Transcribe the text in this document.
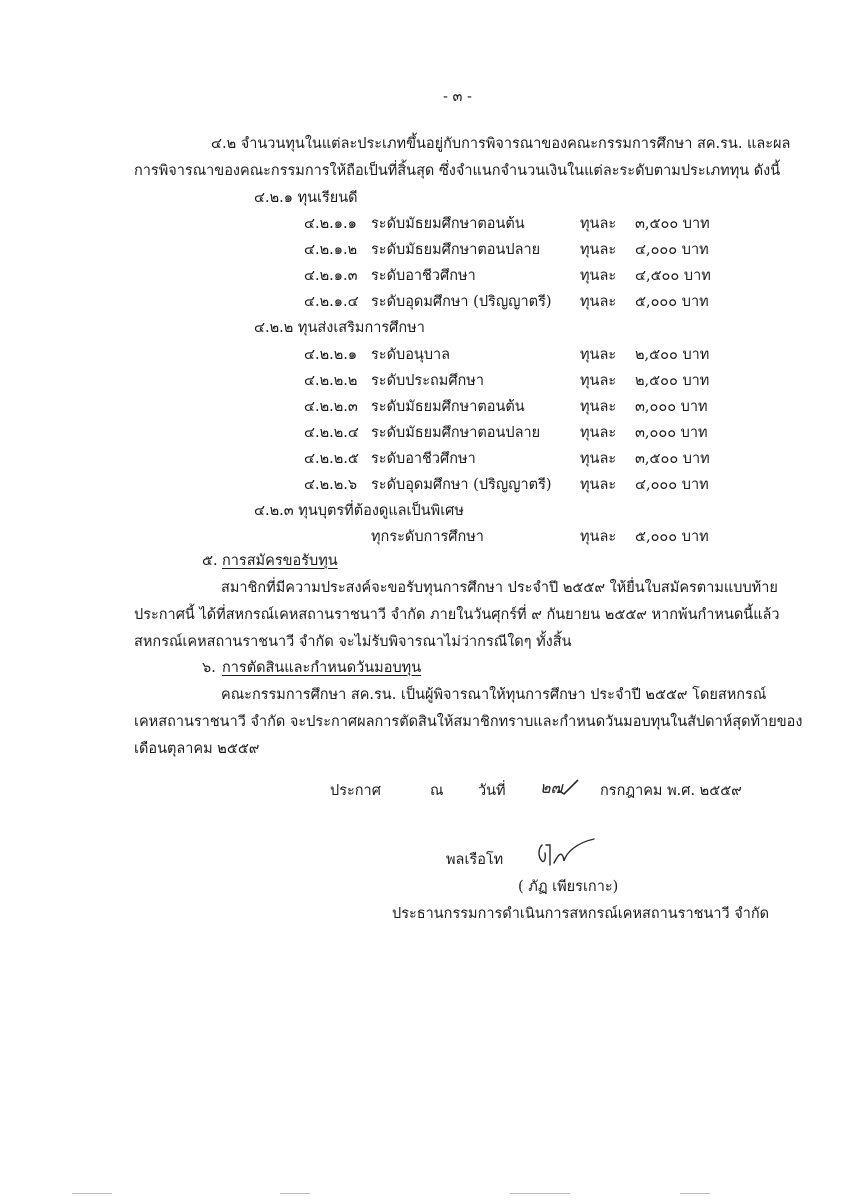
- ๓ -
๔.๒ จำนวนทุนในแต่ละประเภทขึ้นอยู่กับการพิจารณาของคณะกรรมการศึกษา สค.รน. และผล
การพิจารณาของคณะกรรมการให้ถือเป็นที่สิ้นสุด ซึ่งจำแนกจำนวนเงินในแต่ละระดับตามประเภททุน ดังนี้
๔.๒.๑ ทุนเรียนดี
๔.๒.๑.๑ ระดับมัธยมศึกษาตอนต้น	ทุนละ ๓,๕๐๐ บาท
๔.๒.๑.๒ ระดับมัธยมศึกษาตอนปลาย	ทุนละ ๔,๐๐๐ บาท
๔.๒.๑.๓ ระดับอาชีวศึกษา	ทุนละ ๔,๕๐๐ บาท
๔.๒.๑.๔ ระดับอุดมศึกษา (ปริญญาตรี) ทุนละ ๕,๐๐๐ บาท
๔.๒.๒ ทุนส่งเสริมการศึกษา
๔.๒.๒.๑ ระดับอนุบาล	ทุนละ ๒,๕๐๐ บาท
๔.๒.๒.๒ ระดับประถมศึกษา	ทุนละ ๒,๕๐๐ บาท
๔.๒.๒.๓ ระดับมัธยมศึกษาตอนต้น	ทุนละ ๓,๐๐๐ บาท
๔.๒.๒.๔ ระดับมัธยมศึกษาตอนปลาย	ทุนละ ๓,๐๐๐ บาท
๔.๒.๒.๕ ระดับอาชีวศึกษา	ทุนละ ๓,๕๐๐ บาท
๔.๒.๒.๖ ระดับอุดมศึกษา (ปริญญาตรี) ทุนละ ๔,๐๐๐ บาท
๔.๒.๓ ทุนบุตรที่ต้องดูแลเป็นพิเศษ
ทุกระดับการศึกษา	ทุนละ ๕,๐๐๐ บาท
๕. การสมัครขอรับทุน
สมาชิกที่มีความประสงค์จะขอรับทุนการศึกษา ประจำปี ๒๕๕๙ ให้ยื่นใบสมัครตามแบบท้าย
ประกาศนี้ ได้ที่สหกรณ์เคหสถานราชนาวี จำกัด ภายในวันศุกร์ที่ ๙ กันยายน ๒๕๕๙ หากพ้นกำหนดนี้แล้ว
สหกรณ์เคหสถานราชนาวี จำกัด จะไม่รับพิจารณาไม่ว่ากรณีใดๆ ทั้งสิ้น
๖. การตัดสินและกำหนดวันมอบทุน
คณะกรรมการศึกษา สค.รน. เป็นผู้พิจารณาให้ทุนการศึกษา ประจำปี ๒๕๕๙ โดยสหกรณ์
เคหสถานราชนาวี จำกัด จะประกาศผลการตัดสินให้สมาชิกทราบและกำหนดวันมอบทุนในสัปดาห์สุดท้ายของ
เดือนตุลาคม ๒๕๕๙
ประกาศ	ณ วันที่ ๒๗	กรกฎาคม พ.ศ. ๒๕๕๙
พลเรือโท
( ภัฏ เพียรเกาะ)
ประธานกรรมการดำเนินการสหกรณ์เคหสถานราชนาวี จำกัด
